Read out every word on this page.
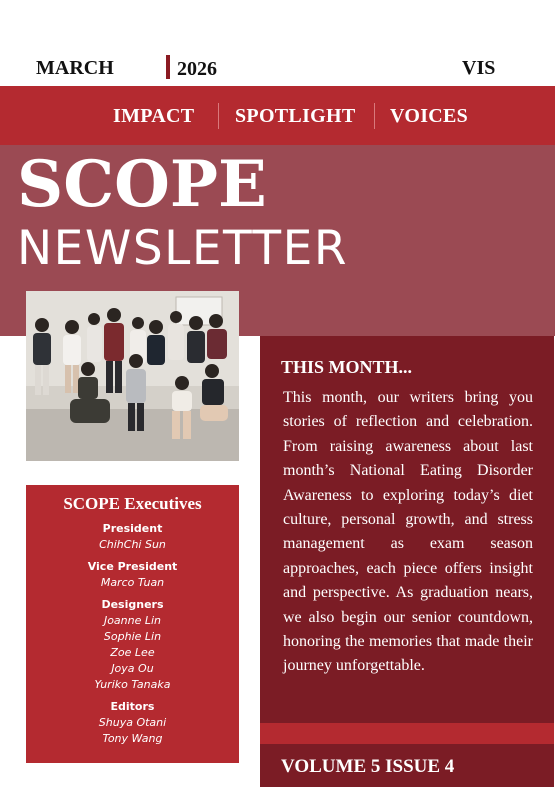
MARCH	2026	VIS
IMPACT SPOTLIGHT VOICES
SCOPE
NEWSLETTER
THIS MONTH...
This month, our writers bring you stories of reflection and celebration. From raising awareness about last month’s National Eating Disorder Awareness to exploring today’s diet culture, personal growth, and stress management as exam season approaches, each piece offers insight and perspective. As graduation nears, we also begin our senior countdown, honoring the memories that made their journey unforgettable.
VOLUME 5 ISSUE 4
SCOPE Executives
President
ChihChi Sun
Vice President
Marco Tuan
Designers
Joanne Lin
Sophie Lin
Zoe Lee
Joya Ou
Yuriko Tanaka
Editors
Shuya Otani
Tony Wang
